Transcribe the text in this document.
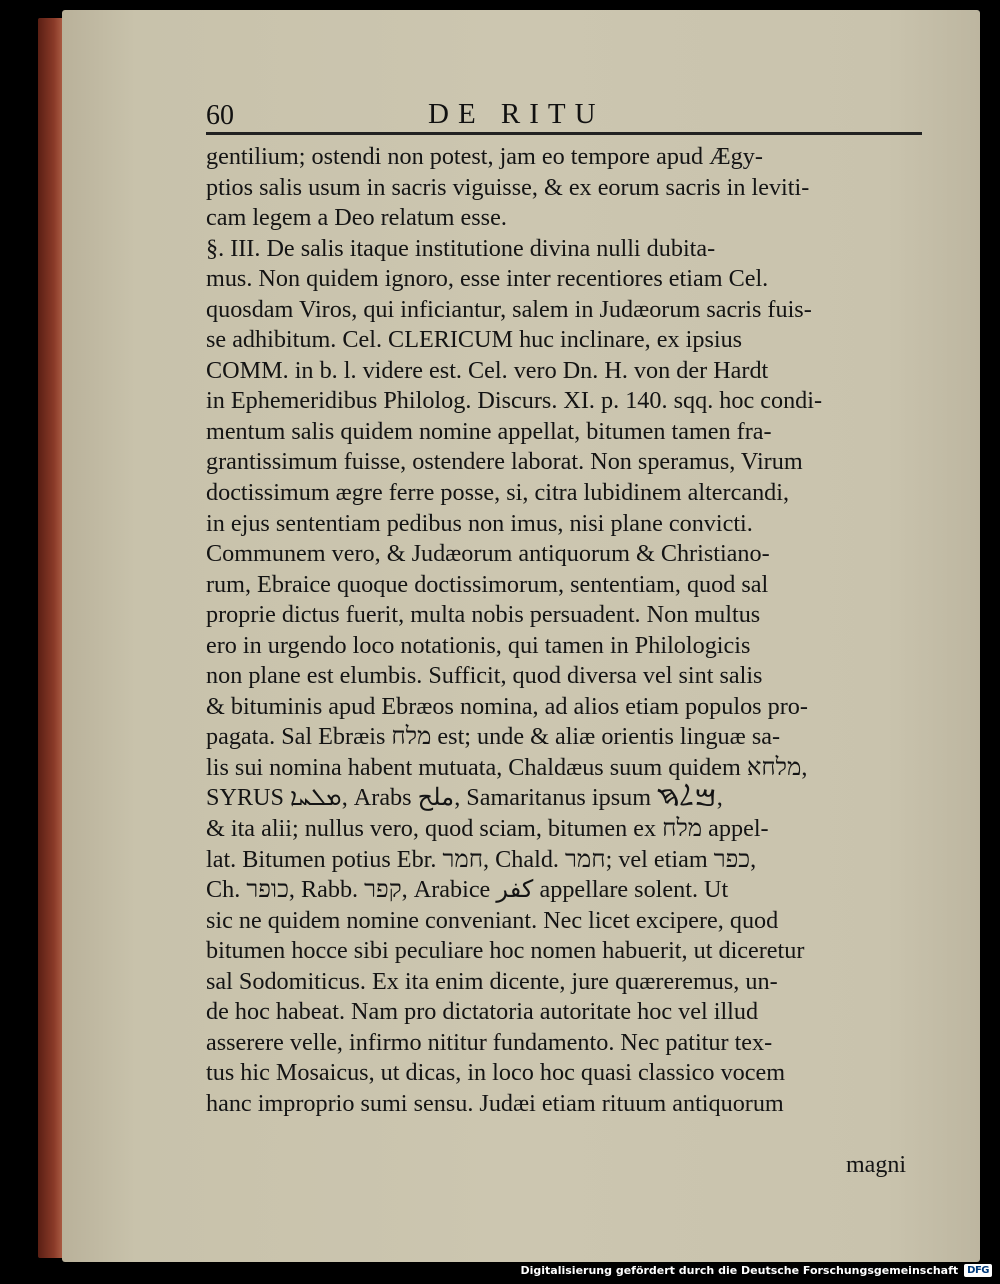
60	DE RITU
gentilium; ostendi non potest, jam eo tempore apud Ægy-
ptios salis usum in sacris viguisse, & ex eorum sacris in leviti-
cam legem a Deo relatum esse.
§. III. De salis itaque institutione divina nulli dubita-
mus. Non quidem ignoro, esse inter recentiores etiam Cel.
quosdam Viros, qui inficiantur, salem in Judæorum sacris fuis-
se adhibitum. Cel. CLERICUM huc inclinare, ex ipsius
COMM. in b. l. videre est. Cel. vero Dn. H. von der Hardt
in Ephemeridibus Philolog. Discurs. XI. p. 140. sqq. hoc condi-
mentum salis quidem nomine appellat, bitumen tamen fra-
grantissimum fuisse, ostendere laborat. Non speramus, Virum
doctissimum ægre ferre posse, si, citra lubidinem altercandi,
in ejus sententiam pedibus non imus, nisi plane convicti.
Communem vero, & Judæorum antiquorum & Christiano-
rum, Ebraice quoque doctissimorum, sententiam, quod sal
proprie dictus fuerit, multa nobis persuadent. Non multus
ero in urgendo loco notationis, qui tamen in Philologicis
non plane est elumbis. Sufficit, quod diversa vel sint salis
& bituminis apud Ebræos nomina, ad alios etiam populos pro-
pagata. Sal Ebræis מלח est; unde & aliæ orientis linguæ sa-
lis sui nomina habent mutuata, Chaldæus suum quidem מלחא,
SYRUS ܡܠܚܐ, Arabs ملح, Samaritanus ipsum ࠌࠋࠇ,
& ita alii; nullus vero, quod sciam, bitumen ex מלח appel-
lat. Bitumen potius Ebr. חמר, Chald. חמר; vel etiam כפר,
Ch. כופר, Rabb. קפר, Arabice كفر appellare solent. Ut
sic ne quidem nomine conveniant. Nec licet excipere, quod
bitumen hocce sibi peculiare hoc nomen habuerit, ut diceretur
sal Sodomiticus. Ex ita enim dicente, jure quæreremus, un-
de hoc habeat. Nam pro dictatoria autoritate hoc vel illud
asserere velle, infirmo nititur fundamento. Nec patitur tex-
tus hic Mosaicus, ut dicas, in loco hoc quasi classico vocem
hanc improprio sumi sensu. Judæi etiam rituum antiquorum
magni
Digitalisierung gefördert durch die Deutsche Forschungsgemeinschaft DFG
